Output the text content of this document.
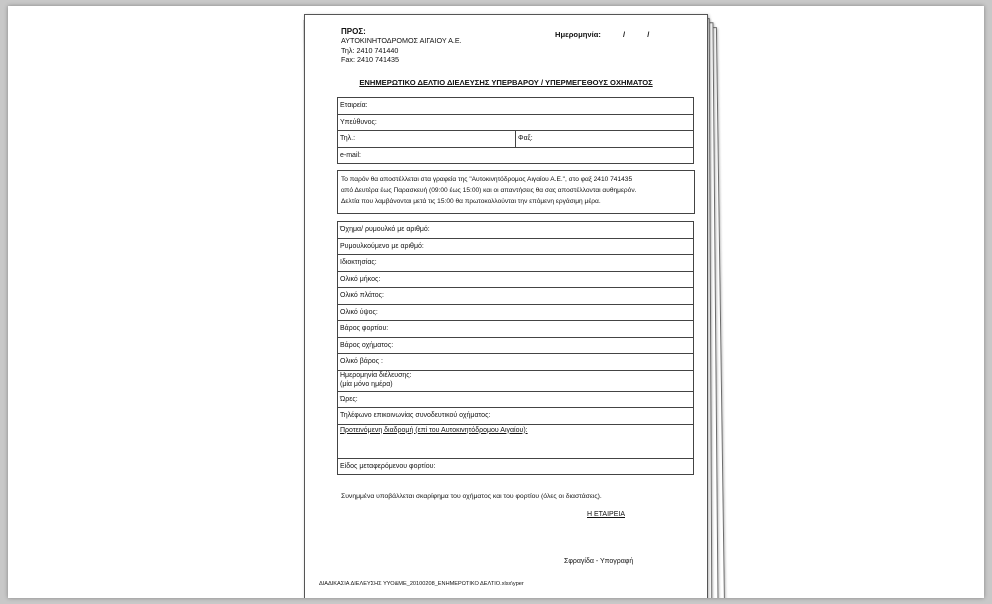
ΠΡΟΣ:
ΑΥΤΟΚΙΝΗΤΟΔΡΟΜΟΣ ΑΙΓΑΙΟΥ Α.Ε.
Τηλ: 2410 741440
Fax: 2410 741435
Ημερομηνία:	/	/
ΕΝΗΜΕΡΩΤΙΚΟ ΔΕΛΤΙΟ ΔΙΕΛΕΥΣΗΣ ΥΠΕΡΒΑΡΟΥ / ΥΠΕΡΜΕΓΕΘΟΥΣ ΟΧΗΜΑΤΟΣ
Εταιρεία:
Υπεύθυνος:
Τηλ.:	Φαξ:
e-mail:
Το παρόν θα αποστέλλεται στα γραφεία της "Αυτοκινητόδρομος Αιγαίου Α.Ε.", στο φαξ 2410 741435
από Δευτέρα έως Παρασκευή (09:00 έως 15:00) και οι απαντήσεις θα σας αποστέλλονται αυθημερόν.
Δελτία που λαμβάνονται μετά τις 15:00 θα πρωτοκολλούνται την επόμενη εργάσιμη μέρα.
Όχημα/ ρυμουλκό με αριθμό:
Ρυμουλκούμενο με αριθμό:
Ιδιοκτησίας:
Ολικό μήκος:
Ολικό πλάτος:
Ολικό ύψος:
Βάρος φορτίου:
Βάρος οχήματος:
Ολικό βάρος :

Ημερομηνία διέλευσης:
(μία μόνο ημέρα)

Ώρες:
Τηλέφωνο επικοινωνίας συνοδευτικού οχήματος:
Προτεινόμενη διαδρομή (επί του Αυτοκινητόδρομου Αιγαίου):
Είδος μεταφερόμενου φορτίου:
Συνημμένα υποβάλλεται σκαρίφημα του οχήματος και του φορτίου (όλες οι διαστάσεις).
Η ΕΤΑΙΡΕΙΑ
Σφραγίδα - Υπογραφή
ΔΙΑΔΙΚΑΣΙΑ ΔΙΕΛΕΥΣΗΣ ΥΥΟ&ΜΕ_20100208_ΕΝΗΜΕΡΩΤΙΚΟ ΔΕΛΤΙΟ.xlsx\yper
